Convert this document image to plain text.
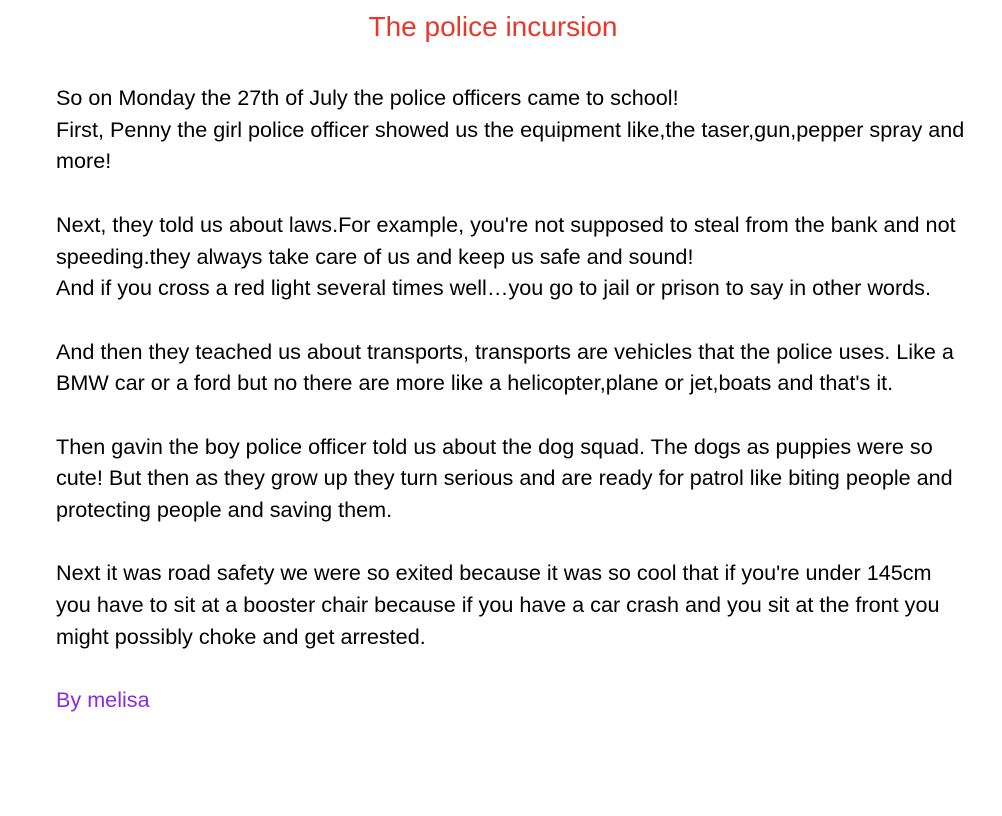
The police incursion

So on Monday the 27th of July the police officers came to school!

First, Penny the girl police officer showed us the equipment like,the taser,gun,pepper spray and more!

Next, they told us about laws.For example, you're not supposed to steal from the bank and not speeding.they always take care of us and keep us safe and sound!

And if you cross a red light several times well…you go to jail or prison to say in other words.

And then they teached us about transports, transports are vehicles that the police uses. Like a BMW car or a ford but no there are more like a helicopter,plane or jet,boats and that's it.

Then gavin the boy police officer told us about the dog squad. The dogs as puppies were so cute! But then as they grow up they turn serious and are ready for patrol like biting people and protecting people and saving them.

Next it was road safety we were so exited because it was so cool that if you're under 145cm you have to sit at a booster chair because if you have a car crash and you sit at the front you might possibly choke and get arrested.

By melisa
